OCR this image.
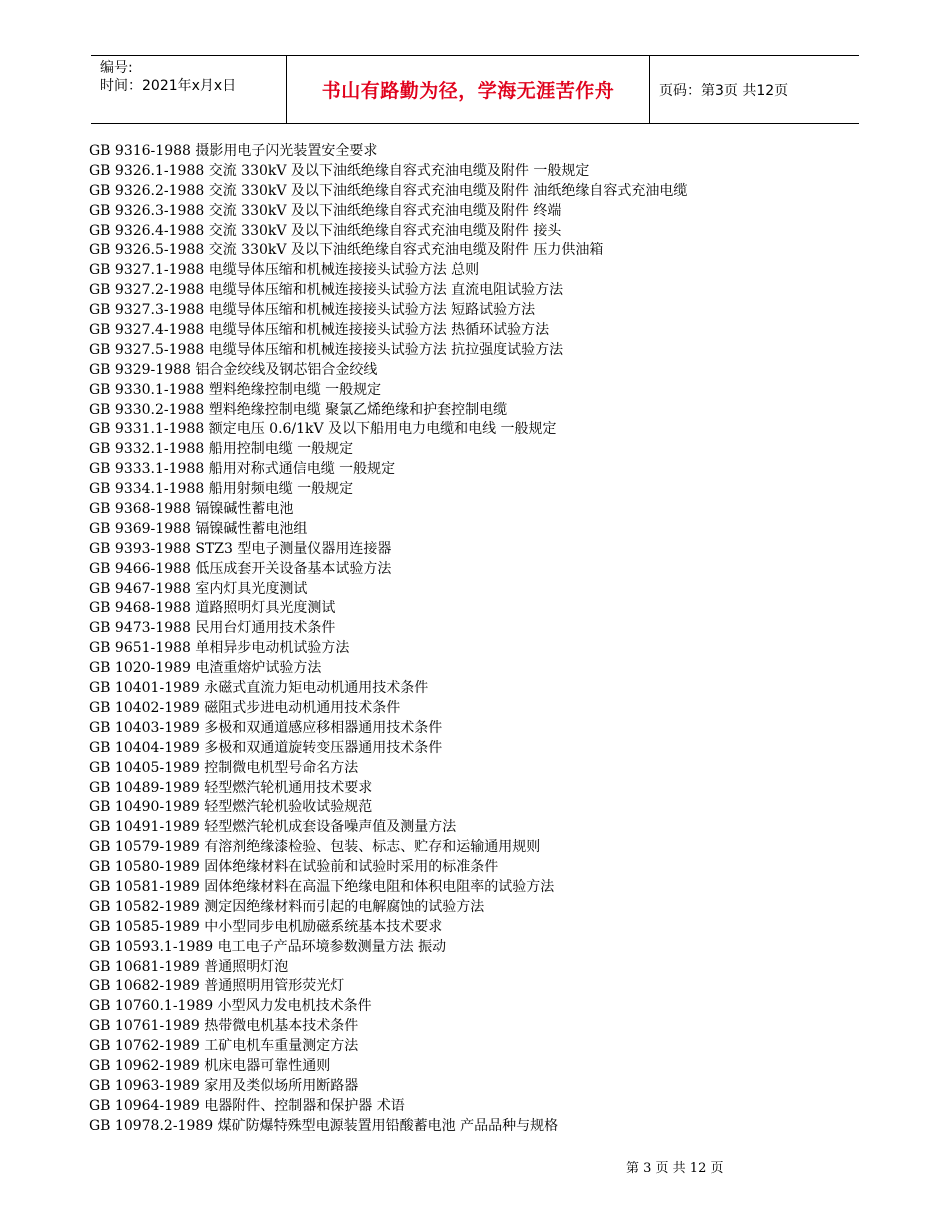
编号:
时间：2021年x月x日	书山有路勤为径，学海无涯苦作舟	页码：第3页 共12页
GB 9316-1988 摄影用电子闪光装置安全要求
GB 9326.1-1988 交流 330kV 及以下油纸绝缘自容式充油电缆及附件 一般规定
GB 9326.2-1988 交流 330kV 及以下油纸绝缘自容式充油电缆及附件 油纸绝缘自容式充油电缆
GB 9326.3-1988 交流 330kV 及以下油纸绝缘自容式充油电缆及附件 终端
GB 9326.4-1988 交流 330kV 及以下油纸绝缘自容式充油电缆及附件 接头
GB 9326.5-1988 交流 330kV 及以下油纸绝缘自容式充油电缆及附件 压力供油箱
GB 9327.1-1988 电缆导体压缩和机械连接接头试验方法 总则
GB 9327.2-1988 电缆导体压缩和机械连接接头试验方法 直流电阻试验方法
GB 9327.3-1988 电缆导体压缩和机械连接接头试验方法 短路试验方法
GB 9327.4-1988 电缆导体压缩和机械连接接头试验方法 热循环试验方法
GB 9327.5-1988 电缆导体压缩和机械连接接头试验方法 抗拉强度试验方法
GB 9329-1988 铝合金绞线及钢芯铝合金绞线
GB 9330.1-1988 塑料绝缘控制电缆 一般规定
GB 9330.2-1988 塑料绝缘控制电缆 聚氯乙烯绝缘和护套控制电缆
GB 9331.1-1988 额定电压 0.6/1kV 及以下船用电力电缆和电线 一般规定
GB 9332.1-1988 船用控制电缆 一般规定
GB 9333.1-1988 船用对称式通信电缆 一般规定
GB 9334.1-1988 船用射频电缆 一般规定
GB 9368-1988 镉镍碱性蓄电池
GB 9369-1988 镉镍碱性蓄电池组
GB 9393-1988 STZ3 型电子测量仪器用连接器
GB 9466-1988 低压成套开关设备基本试验方法
GB 9467-1988 室内灯具光度测试
GB 9468-1988 道路照明灯具光度测试
GB 9473-1988 民用台灯通用技术条件
GB 9651-1988 单相异步电动机试验方法
GB 1020-1989 电渣重熔炉试验方法
GB 10401-1989 永磁式直流力矩电动机通用技术条件
GB 10402-1989 磁阻式步进电动机通用技术条件
GB 10403-1989 多极和双通道感应移相器通用技术条件
GB 10404-1989 多极和双通道旋转变压器通用技术条件
GB 10405-1989 控制微电机型号命名方法
GB 10489-1989 轻型燃汽轮机通用技术要求
GB 10490-1989 轻型燃汽轮机验收试验规范
GB 10491-1989 轻型燃汽轮机成套设备噪声值及测量方法
GB 10579-1989 有溶剂绝缘漆检验、包装、标志、贮存和运输通用规则
GB 10580-1989 固体绝缘材料在试验前和试验时采用的标准条件
GB 10581-1989 固体绝缘材料在高温下绝缘电阻和体积电阻率的试验方法
GB 10582-1989 测定因绝缘材料而引起的电解腐蚀的试验方法
GB 10585-1989 中小型同步电机励磁系统基本技术要求
GB 10593.1-1989 电工电子产品环境参数测量方法 振动
GB 10681-1989 普通照明灯泡
GB 10682-1989 普通照明用管形荧光灯
GB 10760.1-1989 小型风力发电机技术条件
GB 10761-1989 热带微电机基本技术条件
GB 10762-1989 工矿电机车重量测定方法
GB 10962-1989 机床电器可靠性通则
GB 10963-1989 家用及类似场所用断路器
GB 10964-1989 电器附件、控制器和保护器 术语
GB 10978.2-1989 煤矿防爆特殊型电源装置用铅酸蓄电池 产品品种与规格
第 3 页 共 12 页
